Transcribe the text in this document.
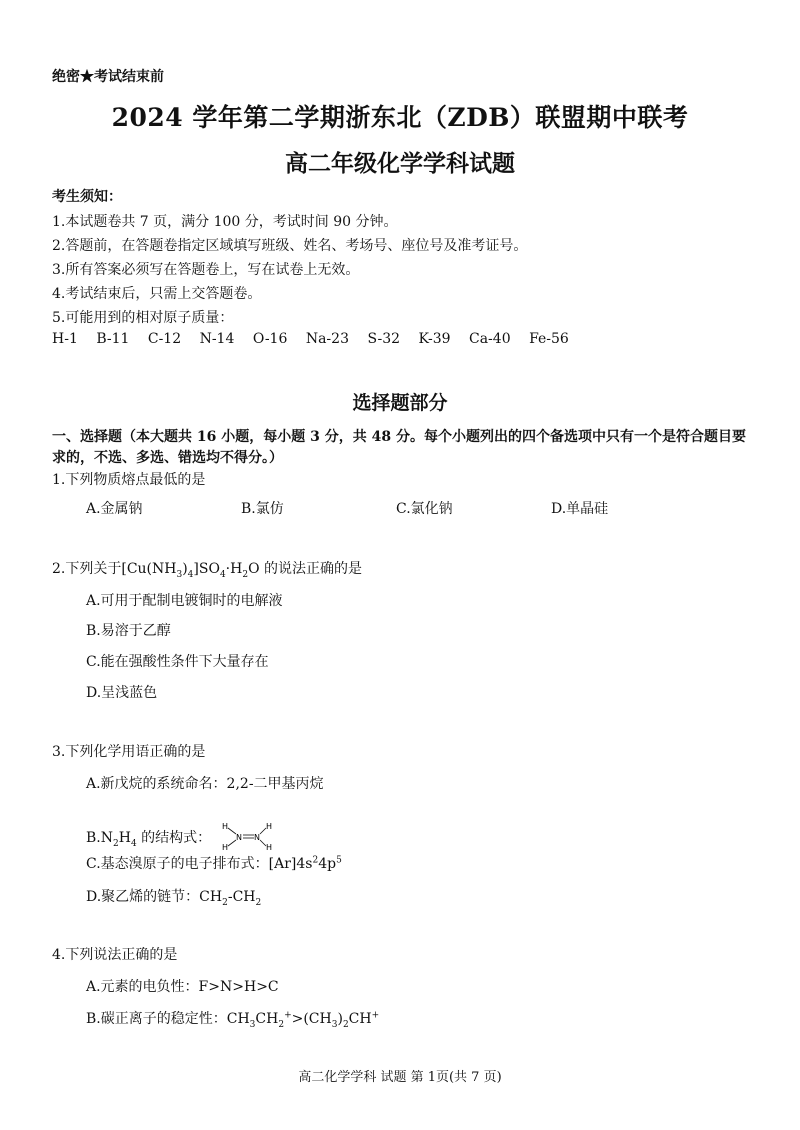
绝密★考试结束前
2024 学年第二学期浙东北（ZDB）联盟期中联考
高二年级化学学科试题
考生须知：
1.本试题卷共 7 页，满分 100 分，考试时间 90 分钟。
2.答题前，在答题卷指定区域填写班级、姓名、考场号、座位号及准考证号。
3.所有答案必须写在答题卷上，写在试卷上无效。
4.考试结束后，只需上交答题卷。
5.可能用到的相对原子质量：
H-1 B-11 C-12 N-14 O-16 Na-23 S-32 K-39 Ca-40 Fe-56
选择题部分
一、选择题（本大题共 16 小题，每小题 3 分，共 48 分。每个小题列出的四个备选项中只有一个是符合题目要求的，不选、多选、错选均不得分。）
1.下列物质熔点最低的是
A.金属钠	B.氯仿	C.氯化钠	D.单晶硅
2.下列关于$[Cu(NH_3)_4]SO_4\cdot H_2O$ 的说法正确的是
A.可用于配制电镀铜时的电解液
B.易溶于乙醇
C.能在强酸性条件下大量存在
D.呈浅蓝色
3.下列化学用语正确的是
A.新戊烷的系统命名：2,2-二甲基丙烷
$B.N_2H_4$ 的结构式：
H
H
N N
H
H
C.基态溴原子的电子排布式：$[Ar]4s^24p^5$
D.聚乙烯的链节：$CH_2-CH_2$
4.下列说法正确的是
A.元素的电负性：F>N>H>C
B.碳正离子的稳定性：$CH_3CH_2^+>(CH_3)_2CH^+$
高二化学学科 试题 第 1页(共 7 页)
